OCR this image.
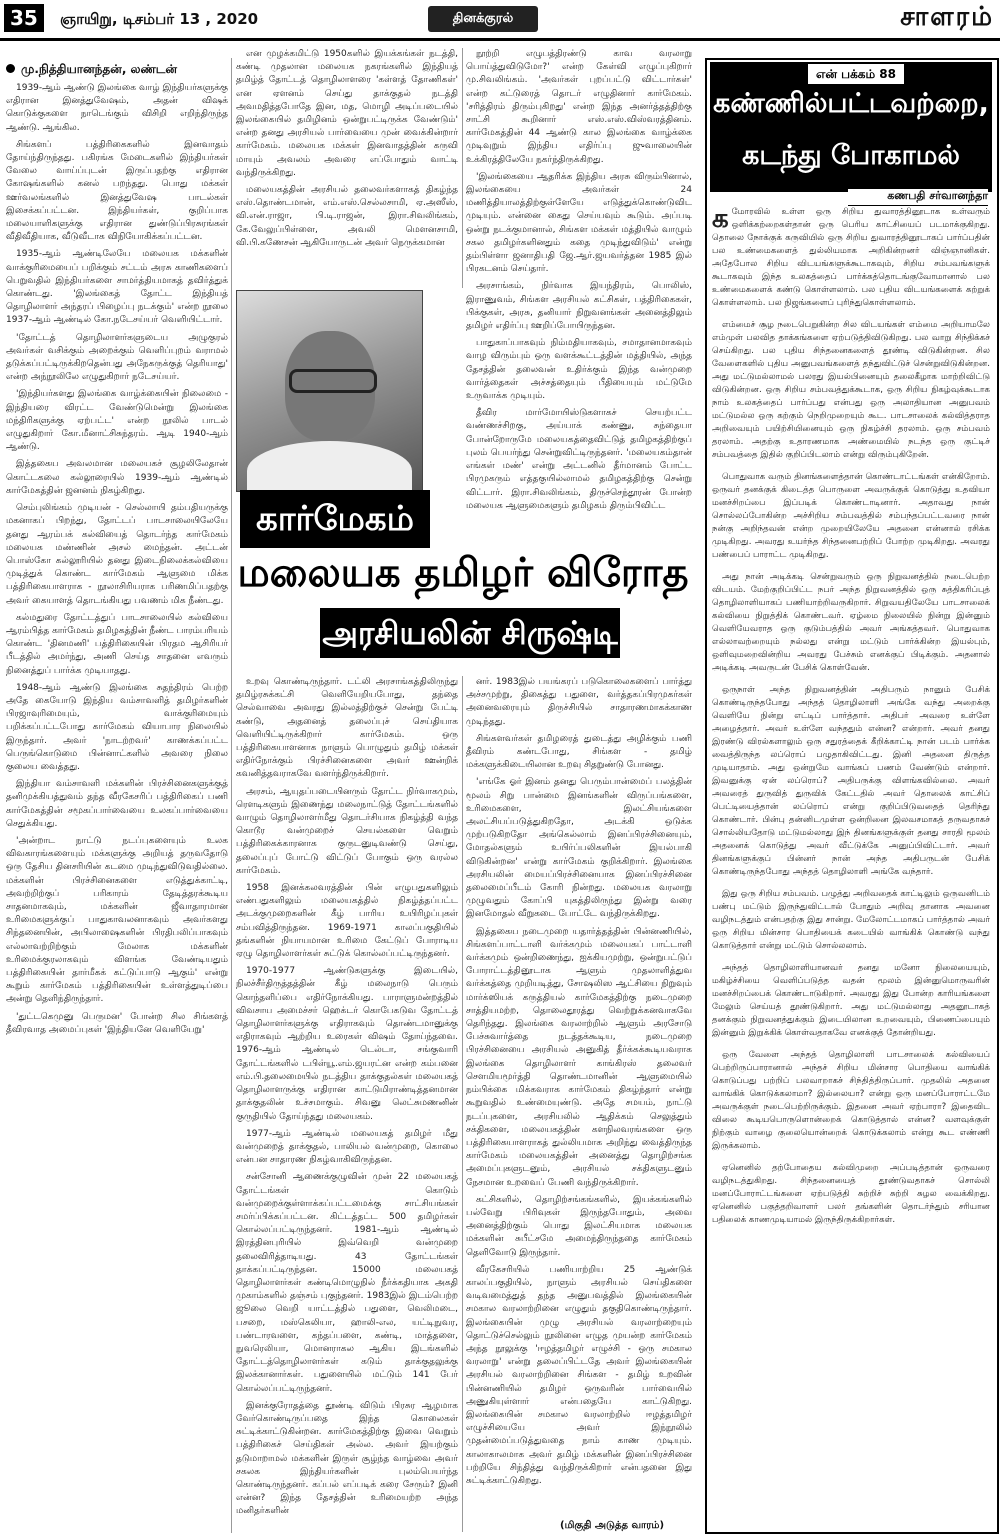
35	ஞாயிறு, டிசம்பர் 13 , 2020	தினக்குரல்	சாளரம்
மு.நித்தியானந்தன், லண்டன்

1939-ஆம் ஆண்டு இலங்கை வாழ் இந்தியர்களுக்கு எதிரான இனத்துவேஷம், அதன் விஷக் கொடுக்குகளை நாடெங்கும் விசிறி எறிந்திருந்த ஆண்டு. ஆங்கில.

சிங்களப் பத்திரிகைகளில் இனவாதம் தோய்ந்திருந்தது. பகிரங்க மேடைகளில் இந்தியர்கள் வேலை வாய்ப்புடன் இருப்பதற்கு எதிரான கோஷங்களில் கனல் பறந்தது. பொது மக்கள் ஊர்வலங்களில் இனத்துவேஷ பாடல்கள் இசைக்கப்பட்டன. இந்தியர்கள், குறிப்பாக மலையாளிகளுக்கு எதிரான துண்டுப்பிரசுரங்கள் வீதிவீதியாக, வீடுவீடாக விநியோகிக்கப்பட்டன.

1935-ஆம் ஆண்டிலேயே மலையக மக்களின் வாக்குரிமையைப் பறிக்கும் சட்டம் அரசு காணிகளைப் பெறுவதில் இந்தியர்களை சாமர்த்தியமாகத் தவிர்த்துக் கொண்டது. 'இலங்கைத் தோட்ட இந்தியத் தொழிலாளர் அந்தரப் பிழைப்பு நடக்கும்' என்ற நூலை 1937-ஆம் ஆண்டில் கோ.நடேசய்யர் வெளியிட்டார்.

'தோட்டத் தொழிலாளர்களுடைய அழுகுரல் அவர்கள் வசிக்கும் அறைக்கும் வெளிப்புறம் வராமல் தடுக்கப்பட்டிருக்கிறதென்பது அநேகருக்குத் தெரியாது' என்ற அந்நூலிலே எழுதுகிறார் நடேசய்யர்.

'இந்தியர்களது இலங்கை வாழ்க்கையின் நிலைமை - இந்தியரை விரட்ட வேண்டுமென்று இலங்கை மந்திரிகளுக்கு ஏற்பட்ட' என்ற நூலில் பாடல் எழுதுகிறார் கோ.மீனாட்சிசுந்தரம். ஆடி 1940-ஆம் ஆண்டு.

இத்தகைய அவலமான மலையகச் சூழலிலேதான் கொட்டகலை கல்லூரையில் 1939-ஆம் ஆண்டில் கார்மேகத்தின் ஜனனம் நிகழ்கிறது.

செம்புலிங்கம் முடியன் - செல்லாயி தம்பதியருக்கு மகனாகப் பிறந்து, தோட்டப் பாடசாலையிலேயே தனது ஆரம்பக் கல்வியைத் தொடர்ந்த கார்மேகம் மலையக மண்ணின் அசல் மைந்தன். அட்டன் பொஸ்கோ கல்லூரியில் தனது இடைநிலைக்கல்வியை முடித்துக் கொண்ட கார்மேகம் ஆளுமை மிக்க பத்திரிகையாளராக - நூலாசிரியராக பரிணமிப்பதற்கு அவர் கையாளத் தொடங்கியது பவணம் மிக நீண்டது.

கல்மதுரை தோட்டத்துப் பாடசாலையில் கல்வியை ஆரம்பித்த கார்மேகம் தமிழகத்தின் நீண்ட பாரம்பரியம் கொண்ட 'தினமணி' பத்திரிகையின் பிரதம ஆசிரியர் பீடத்தில் அமர்ந்து, அணி செய்த சாதனை எவரும் நினைத்துப் பார்க்க முடியாதது.

1948-ஆம் ஆண்டு இலங்கை சுதந்திரம் பெற்ற அதே கையோடு இந்திய வம்சாவளித் தமிழர்களின் பிரஜாவுரிமையும், வாக்குரிமையும் பறிக்கப்பட்டபோது கார்மேகம் வியாபார நிலையில் இருந்தார். அவர் 'நாடற்றவர்' காணக்கப்பட்ட பெருங்கொடுமை பின்னாட்களில் அவரை நிலை குலைய வைத்தது.

இந்தியா வம்சாவளி மக்களின் பிரச்சினைகளுக்குத் தனிமுக்கியத்துவம் தந்த வீரகேசரிப் பத்திரிகைப் பணி கார்மேகத்தின் சமூகப்பார்வையை உலகப்பார்வையை செதுக்கியது.

'அன்றாட நாட்டு நடப்புகளையும் உலக விவகாரங்களையும் மக்களுக்கு அறியத் தருவதோடு ஒரு தேசிய தினசரியின் கடமை முடிந்துவிடுவதில்லை. மக்களின் பிரச்சினைகளை எடுத்துக்காட்டி, அவற்றிற்குப் பரிகாரம் தேடித்தரக்கூடிய சாதனமாகவும், மக்களின் ஜீவாதாரமான உரிமைகளுக்குப் பாதுகாவலனாகவும் அவர்களது சிந்தனையின், அபிலாஷைகளின் பிரதிபலிப்பாகவும் எல்லாவற்றிற்கும் மேலாக மக்களின் உரிமைக்குரலாகவும் விளங்க வேண்டியதும் பத்திரிகையின் தார்மீகக் கட்டுப்பாடு ஆகும்' என்று கூறும் கார்மேகம் பத்திரிகையின் உள்ளத்துடிப்பை அன்று தெளிந்திருந்தார்.

'துட்டகெமுனு பெருமன' போன்ற சில சிங்களத் தீவிரவாத அமைப்புகள் 'இந்தியனே வெளியேறு'

என முழக்கமிட்டு 1950களில் இயக்கங்கள் நடத்தி, கண்டி முதலான மலையக நகரங்களில் இந்தியத் தமிழ்த் தோட்டத் தொழிலாளரை 'கள்ளத் தோணிகள்' என ஏளனம் செய்து தாக்குதல் நடத்தி அவமதித்தபோதே இன, மத, மொழி அடிப்படையில் இலங்கையில் தமிழினம் ஒன்றுபட்டிருக்க வேண்டும்' என்ற தனது அரசியல் பார்வையை முன் வைக்கின்றார் கார்மேகம். மலையக மக்கள் இனவாதத்தின் கருவி மாயும் அவலம் அவரை எப்போதும் வாட்டி வந்திருக்கிறது.

மலையகத்தின் அரசியல் தலைவர்களாகத் திகழ்ந்த எஸ்.தொண்டமான், எம்.எஸ்.செல்லசாமி, ஏ.அஸீஸ், வி.என்.ராஜா, பி.டி.ராஜன், இரா.சிவலிங்கம், கே.வேலுப்பிள்ளை, அவலி மௌனசாமி, வி.பி.கணேசன் ஆகியோருடன் அவர் நெருக்கமான

நூற்றி எழுபத்திரண்டு காவ வரலாறு பொய்த்துவிடுமோ?' என்ற கேள்வி எழுப்புகிறார் மு.சிவலிங்கம். 'அவர்கள் புறப்பட்டு விட்டார்கள்' என்ற கட்டுரைத் தொடர் எழுதினார் கார்மேகம். 'சரித்திரம் திரும்புகிறது' என்ற இந்த அனர்த்தத்திற்கு சாட்சி கூறினார் எஸ்.எஸ்.விஸ்வரத்தினம். கார்மேகத்தின் 44 ஆண்டு கால இலங்கை வாழ்க்கை முடிவுறும் இந்திய எதிர்ப்பு ஜுவாலையின் உக்கிரத்திலேயே நகர்ந்திருக்கிறது.

'இலங்கையை ஆதரிக்க இந்திய அரசு விரும்பினால், இலங்கையை அவர்கள் 24 மணித்தியாலத்திற்குள்ளேயே எடுத்துக்கொண்டுவிட முடியும். என்னை கைது செய்யவும் கூடும். அப்படி ஒன்று நடக்குமானால், சிங்கள மக்கள் மத்தியில் வாழும் சகல தமிழர்களினதும் கதை முடிந்துவிடும்' என்று தம்பிள்ளா ஜனாதிபதி ஜே.ஆர்.ஜயவர்த்தன 1985 இல் பிரகடனம் செய்தார்.

அரசாங்கம், நிர்வாக இயந்திரம், பொலிஸ், இராணுவம், சிங்கள அரசியல் கட்சிகள், பத்திரிகைகள், பிக்குகள், அரசு, தனியார் நிறுவனங்கள் அனைத்திலும் தமிழர் எதிர்ப்பு ஊறிப்போயிருந்தன.

பாதுகாப்பாகவும் நிம்மதியாகவும், சமாதானமாகவும் வாழ விரும்பும் ஒரு வளக்கூட்டத்தின் மத்தியில், அந்த தேசத்தின் தலைவன் உதிர்க்கும் இந்த வன்முறை வார்த்தைகள் அச்சத்தையும் பீதியையும் மட்டுமே உருவாக்க முடியும்.

தீவிர மார்மோயிஸ்டுகளாகச் செயற்பட்ட வண்ணச்சிறகு, அய்யாக் கண்ணு, சுந்தையா போன்றோருமே மலையகத்தைவிட்டுத் தமிழகத்திற்குப் புலம் பெயர்ந்து சென்றுவிட்டிருந்தனர். 'மலையகம்தான் எங்கள் மண்' என்று அட்டனில் தீர்மானம் போட்ட பிரமுகரும் எத்தகுயில்லாமல் தமிழகத்திற்கு சென்று விட்டார். இரா.சிவலிங்கம், திருச்செந்தூரன் போன்ற மலையக ஆளுமைகளும் தமிழகம் திரும்பிவிட்ட

கார்மேகம்
மலையக தமிழர் விரோத
அரசியலின் சிருஷ்டி

உறவு கொண்டிருந்தார். டட்லி அரசாங்கத்திலிருந்து தமிழ்ரசுக்கட்சி வெளியேறியபோது, தந்தை செல்வாவை அவரது இல்லத்திற்குச் சென்று பேட்டி கண்டு, அதனைத் தலைப்புச் செய்தியாக வெளியிட்டிருக்கிறார் கார்மேகம். ஒரு பத்திரிகையாளனாக நாளும் பொழுதும் தமிழ் மக்கள் எதிர்நோக்கும் பிரச்சினைகளை அவர் ஊன்றிக் கவனித்தவராகவே வளர்ந்திருக்கிறார்.

அரசம், ஆயுதப்படையினரும் தோட்ட நிர்வாகமும், ரௌடிகளும் இணைந்து மலைநாட்டுத் தோட்டங்களில் வாழும் தொழிலாளர்மீது தொடர்சியாக நிகழ்த்தி வந்த கொடூர வன்முறைச் செயல்களை வெறும் பத்திரிகைக்காரனாக குருடனுடிவண்டு செய்து, தலைப்புப் போட்டு விட்டுப் போகும் ஒரு வரல்ல கார்மேகம்.

1958 இனக்கலவரத்தின் பின் எழுபதுகளிலும் எண்பதுகளிலும் மலையகத்தில் நிகழ்த்தப்பட்ட அடக்குமுறைகளின் கீழ் பாரிய உயிரிழப்புகள் சம்பவித்திருந்தன. 1969-1971 காலப்பகுதியில் தங்களின் நியாயமான உரிமை கேட்டுப் போராடிய ஏழு தொழிலாளர்கள் சுட்டுக் கொல்லப்பட்டிருந்தனர்.

1970-1977 ஆண்டுகளுக்கு இடையில், நிலச்சீர்திருத்தத்தின் கீழ் மலைநாடு பெரும் கொந்தளிப்பை எதிர்நோக்கியது. பாராளுமன்றத்தில் விவசாய அமைச்சர் ஹெக்டர் கொபேகடுவ தோட்டத் தொழிலாளர்களுக்கு எதிராகவும் தொண்டமானுக்கு எதிராகவும் ஆற்றிய உரைகள் விஷம் தோய்ந்தவை. 1976-ஆம் ஆண்டில் டெல்டா, சங்குவாரி தோட்டங்களில் டபிள்யூ.எம்.ஜயரட்ன என்ற கம்பனை எம்.பி.தலைமையில் நடத்திய தாக்குதல்கள் மலையகத் தொழிலாளருக்கு எதிரான காட்டுமிராண்டித்தனமான தாக்குதலின் உச்சமாகும். சிவனு லெட்சுமணனின் குருதியில் தோய்ந்தது மலையகம்.

1977-ஆம் ஆண்டில் மலையகத் தமிழர் மீது வன்முறைத் தாக்குதல், பாலியல் வன்முறை, கொலை என்பன சாதாரண நிகழ்வாகிவிருந்தன.

சன்சோனி ஆணைக்குழுவின் முன் 22 மலையகத் தோட்டங்கள் கொடும் வன்முறைக்குள்ளாக்கப்பட்டமைக்கு சாட்சியங்கள் சமர்ப்பிக்கப்பட்டன. கிட்டத்தட்ட 500 தமிழர்கள் கொல்லப்பட்டிருந்தனர். 1981-ஆம் ஆண்டில் இரத்தினபுரியில் இவ்வெறி வன்முறை தலைவிரித்தாடியது. 43 தோட்டங்கள் தாக்கப்பட்டிருந்தன. 15000 மலையகத் தொழிலாளர்கள் கண்டிமொழுநில் நீர்க்கதியாக அகதி முகாம்களில் தஞ்சம் புகுந்தனர். 1983இல் இடம்பெற்ற ஜூலை வெறி யாட்டத்தில் பதுளை, வெலிமடை, பசறை, மஸ்கெலியா, ஹாலி-எல, யட்டிநுவர, பண்டாரவளை, கந்தப்பளை, கண்டி, மாத்தளை, நுவரெலியா, மொனராகல ஆகிய இடங்களில் தோட்டத்தொழிலாளர்கள் கடும் தாக்குதலுக்கு இலக்கானார்கள். பதுளையில் மட்டும் 141 பேர் கொல்லப்பட்டிருந்தனர்.

இனக்குரோதத்தை தூண்டி விடும் பிரசுர ஆழமாக வேர்கொண்டிருப்பதை இந்த கொலைகள் சுட்டிக்காட்டுகின்றன. கார்மேகத்திற்கு இவை வெறும் பத்திரிகைச் செய்திகள் அல்ல. அவர் இயற்கும் தடுமாறாமல் மக்களின் இருள் சூழ்ந்த வாழ்வை அவர் சகலக இந்தியர்களின் புலம்பெயர்ந்த கொண்டிருந்தனர். கப்பல் எப்படிக் கரை சேரும்? இனி என்ன? இந்த தேசத்தின் உரிமையற்ற அந்த மனிதர்களின்

னர். 1983இல் பயங்கரப் படுகொலைகளைப் பார்த்து அச்சமுற்று, திகைத்து பதுளை, வர்த்தகப்பிரமுகர்கள் அனைவரையும் திருச்சியில் சாதாரணமாகக்காண முடிந்தது.

சிங்களவர்கள் தமிழரைத் துடைத்து அழிக்கும் பணி தீவிரம் கண்டபோது, சிங்கள - தமிழ் மக்களுக்கிடையிலான உறவு சிதறுண்டு போனது.

'எங்கே ஓர் இனம் தனது பெரும்பான்மைப் பலத்தின் மூலம் சிறு பான்மை இனங்களின் விருப்பங்களை, உரிமைகளை, இலட்சியங்களை அலட்சியப்படுத்துகிறதோ, அடக்கி ஒடுக்க முற்படுகிறதோ அங்கெல்லாம் இனப்பிரச்சினையும், மோதல்களும் உயிர்ப்பலிகளின் இயல்பாகி விடுகின்றன' என்று கார்மேகம் குறிக்கிறார். இலங்கை அரசியலின் மையப்பிரச்சினையாக இனப்பிரச்சினை தலைமைப்பீடம் கோரி நின்றது. மலையக வரலாறு முழுவதும் கோப்பி யுகத்திலிருந்து இன்று வரை இனமோதல் வீறுகடை போட்டே வந்திருக்கிறது.

இத்தகைய நடைமுறை யதார்த்தத்தின் பின்னணியில், சிங்களப்பாட்டாளி வர்க்கமும் மலையகப் பாட்டாளி வர்க்கமும் ஒன்றிணைந்து, ஐக்கியமுற்று, ஒன்றுபட்டுப் போராட்டத்தினூடாக ஆளும் முதலாளித்துவ வர்க்கத்தை முறியடித்து, சோஷலிஸ ஆட்சியை நிறுவும் மார்க்ஸியக் கருத்தியல் கார்மேகத்திற்கு நடைமுறை சாத்தியமற்ற, தொலைதூரத்து வெற்றுக்கனவாகவே தெரிந்தது. இலங்கை வரலாற்றில் ஆளும் அரசோடு பேச்சுவார்த்தை நடத்தக்கூடிய, நடைமுறை பிரச்சினையை அரசியல் அனுகித் தீர்க்கக்கூடியவராக இலங்கை தொழிலாளர் காங்கிரஸ் தலைவர் சௌமியமூர்த்தி தொண்டமானின் ஆளுமையில் நம்பிக்கை மிக்கவராக கார்மேகம் திகழ்ந்தார் என்று கூறுவதில் உண்மையுண்டு. அதே சமயம், நாட்டு நடப்புகளை, அரசியலில் ஆதிக்கம் செலுத்தும் சக்திகளை, மலையகத்தின் களநிலவரங்களை ஒரு பத்திரிகையாளராகத் துல்லியமாக அறிந்து வைத்திருந்த கார்மேகம் மலையகத்தின் அனைத்து தொழிற்சங்க அமைப்புகளுடனும், அரசியல் சக்திகளுடனும் நேசமான உறவைப் பேணி வந்திருக்கிறார்.

கட்சிகளில், தொழிற்சங்கங்களில், இயக்கங்களில் பல்வேறு பிரிவுகள் இருந்தபோதும், அவை அனைத்திற்கும் பொது இலட்சியமாக மலையக மக்களின் சுபீட்சமே அமைந்திருந்ததை கார்மேகம் தெளிவோடு இருந்தார்.

வீரகேசரியில் பணியாற்றிய 25 ஆண்டுக் காலப்பகுதியில், நாளும் அரசியல் செய்திகளை வடிவமைத்துத் தந்த அனுபவத்தில் இலங்கையின் சமகால வரலாற்றினை எழுதும் தகுதிகொண்டிருந்தார். இலங்கையின் முழு அரசியல் வரலாற்றையும் தொட்டுச்செல்லும் நூலினை எழுத முயன்ற கார்மேகம் அந்த நூலுக்கு 'ஈழத்தமிழர் எழுச்சி - ஒரு சமகால வரலாறு' என்று தலைப்பிட்டதே அவர் இலங்கையின் அரசியல் வரலாற்றினை சிங்கள - தமிழ் உறவின் பின்னணியில் தமிழர் ஒருவரின் பார்வையில் அணுகியுள்ளார் என்பதையே காட்டுகிறது. இலங்கையின் சமகால வரலாற்றில் ஈழத்தமிழர் எழுச்சியையே அவர் இந்நூலில் முதன்மைப்படுத்துவதை நாம் காண முடியும். காலாகாலமாக அவர் தமிழ் மக்களின் இனப்பிரச்சினை பற்றியே சிந்தித்து வந்திருக்கிறார் என்பதனை இது சுட்டிக்காட்டுகிறது.

(மிகுதி அடுத்த வாரம்)
என் பக்கம் 88
கண்ணில்பட்டவற்றை,
கடந்து போகாமல்
கணபதி சர்வானந்தா

கமோரவில் உள்ள ஒரு சிறிய துவாரத்தினூடாக உள்வரும் ஒளிக்கற்றைகள்தான் ஒரு பெரிய காட்சியைப் படமாக்குகிறது. தொலை நோக்குக் கருவியில் ஒரு சிறிய துவாரத்தினூடாகப் பார்ப்பதின் பல உண்மைகளைத் துல்லியமாக அறிகின்றனர் விஞ்ஞானிகள். அதேபோல சிறிய விடயங்களுக்கூடாகவும், சிறிய சம்பவங்களுக் கூடாகவும் இந்த உலகத்தைப் பார்க்கத்தொடங்குவோமானால் பல உண்மைகளைக் கண்டு கொள்ளலாம். பல புதிய விடயங்களைக் கற்றுக் கொள்ளலாம். பல நிஜங்களைப் புரிந்துகொள்ளலாம்.

எம்மைச் சூழ நடைபெறுகின்ற சில விடயங்கள் எம்மை அறியாமலே எம்முள் பலவித தாக்கங்களை ஏற்படுத்திவிடுகிறது. பல வாறு சிந்திக்கச் செய்கிறது. பல புதிய சிந்தனைகளைத் தூண்டி விடுகின்றன. சில வேளைகளில் புதிய அனுபவங்களைத் தந்துவிட்டுச் சென்றுவிடுகின்றன. அது மட்டுமல்லாமல் பலரது இயல்பினையும் தலைகீழாக மாற்றிவிட்டு விடுகின்றன. ஒரு சிறிய சம்பவத்துக்கூடாக, ஒரு சிறிய நிகழ்வுக்கூடாக நாம் உலகத்தைப் பார்ப்பது என்பது ஒரு அலாதியான அனுபவம் மட்டுமல்ல ஒரு கற்கும் நெறிமுறையும் கூட. பாடசாலைக் கல்வித்தராத அறிவையும் பயிற்சியினையும் ஒரு நிகழ்ச்சி தரலாம். ஒரு சம்பவம் தரலாம். அதற்கு உதாரணமாக அண்மையில் நடந்த ஒரு குட்டிச் சம்பவத்தை இதில் குறிப்பிடலாம் என்று விரும்புகிறேன்.

பொதுவாக வரும் தினங்களைத்தான் கொண்டாட்டங்கள் என்கிறோம். ஒருவர் தனக்குக் கிடைத்த பொருளை அவருக்குக் கொடுத்து உதவியா மனச்சிறப்பை இப்படிக் கொண்டாடினார். அதாவது நான் சொல்லப்போகின்ற அச்சிறிய சம்பவத்தில் சம்பந்தப்பட்டவரை நான் நன்கு அறிந்தவன் என்ற முறையிலேயே அதனை என்னால் ரசிக்க முடிகிறது. அவரது உயர்ந்த சிந்தனைபற்றிப் போற்ற முடிகிறது. அவரது பண்பைப் பாராட்ட முடிகிறது.

அது நான் அடிக்கடி சென்றுவரும் ஒரு நிறுவனத்தில் நடைபெற்ற விடயம். மேற்குறிப்பிட்ட நபர் அந்த நிறுவனத்தில் ஒரு சுத்திகரிப்புத் தொழிலாளியாகப் பணியாற்றிவருகிறார். சிறுவயதிலேயே பாடசாலைக் கல்வியை நிறுத்திக் கொண்டவர். ஏழ்மை நிலையில் நின்று இன்னும் வெளியேவராத ஒரு குடும்பத்தில் அவர் அங்கத்தவர். பொதுவாக எல்லாவற்றையும் நல்லது என்று மட்டும் பார்க்கின்ற இயல்பும், ஒளிவுமறைவின்றிய அவரது பேச்சும் எனக்குப் பிடிக்கும். அதனால் அடிக்கடி அவருடன் பேசிக் கொள்வேன்.

ஒருநாள் அந்த நிறுவனத்தின் அதிபரும் நானும் பேசிக் கொண்டிருந்தபோது அந்தத் தொழிலாளி அங்கே வந்து அறைக்கு வெளியே நின்று எட்டிப் பார்த்தார். அதிபர் அவரை உள்ளே அழைத்தார். அவர் உள்ளே வந்ததும் என்ன? என்றார். அவர் தனது இரண்டு விரல்களாலும் ஒரு சதுரத்தைக் கீறிக்காட்டி நான் படம் பார்க்க வைத்திருந்த லப்ரொப் பழுதாகிவிட்டது. இனி அதனை திருத்த முடியாதாம். அது ஒன்றுமே வாங்கப் பணம் வேண்டும் என்றார். இவனுக்கு ஏன் லப்ரொப்? அதிபருக்கு விளங்கவில்லை. அவர் அவரைத் துருவித் துருவிக் கேட்டதில் அவர் தொலைக் காட்சிப் பெட்டியைத்தான் லப்ரொப் என்று குறிப்பிடுவதைத் தெரிந்து கொண்டார். பின்பு தன்னிடமுள்ள ஒன்றினை இலவசமாகத் தருவதாகச் சொல்லியதோடு மட்டுமல்லாது இந் தினங்களுக்குள் தனது சாரதி மூலம் அதனைக் கொடுத்து அவர் வீட்டுக்கே அனுப்பிவிட்டார். அவர் தினங்களுக்குப் பின்னர் நான் அந்த அதிபருடன் பேசிக் கொண்டிருந்தபோது அந்தத் தொழிலாளி அங்கே வந்தார்.

இது ஒரு சிறிய சம்பவம். பழுத்து அறிவதைக் காட்டிலும் ஒருவனிடம் பண்பு மட்டும் இருந்துவிட்டால் போதும் அறிவு தானாக அவனை வழிநடத்தும் என்பதற்கு இது சான்று. மேலோட்டமாகப் பார்த்தால் அவர் ஒரு சிறிய மின்சார பொதியைக் கடையில் வாங்கிக் கொண்டு வந்து கொடுத்தார் என்று மட்டும் சொல்லலாம்.

அந்தத் தொழிலாளியானவர் தனது மனோ நிலையையும், மகிழ்ச்சியை வெளிப்படுத்த வதன் மூலம் இன்னுமொருவரின் மனச்சிறப்பைக் கொண்டாடுகிறார். அவரது இது போன்ற காரியங்களை மேலும் செய்யத் தூண்டுகிறார். அது மட்டுமல்லாது அதனூடாகத் தனக்கும் நிறுவனத்துக்கும் இடையிலான உறவையும், பிணைப்பையும் இன்னும் இறுக்கிக் கொள்வதாகவே எனக்குத் தோன்றியது.

ஒரு வேளை அந்தத் தொழிலாளி பாடசாலைக் கல்வியைப் பெற்றிருப்பாரானால் அந்தச் சிறிய மின்சார பொதியை வாங்கிக் கொடுப்பது பற்றிப் பலவாறாகச் சிந்தித்திருப்பார். முதலில் அதனை வாங்கிக் கொடுக்கலாமா? இல்லையா? என்று ஒரு மனப்போராட்டமே அவருக்குள் நடைபெற்றிருக்கும். இதனை அவர் ஏற்பாரா? இதைவிட விலை கூடியபொருளொன்றைக் கொடுத்தால் என்ன? வளவுக்குள் நிற்கும் வாழை குலையொன்றைக் கொடுக்கலாம் என்று கூட எண்ணி இருக்கலாம்.

ஏனெனில் தற்போதைய கல்விமுறை அப்படித்தான் ஒருவரை வழிநடத்துகிறது. சிந்தனையைத் தூண்டுவதாகச் சொல்லி மனப்போராட்டங்களை ஏற்படுத்தி சுற்றிச் சுற்றி சுழல வைக்கிறது. ஏனெனில் பகுத்தறிவாளர் பலர் தங்களின் தொடர்ந்தும் சரியான பதிலைக் காணமுடியாமல் இருந்திருக்கிறார்கள்.
